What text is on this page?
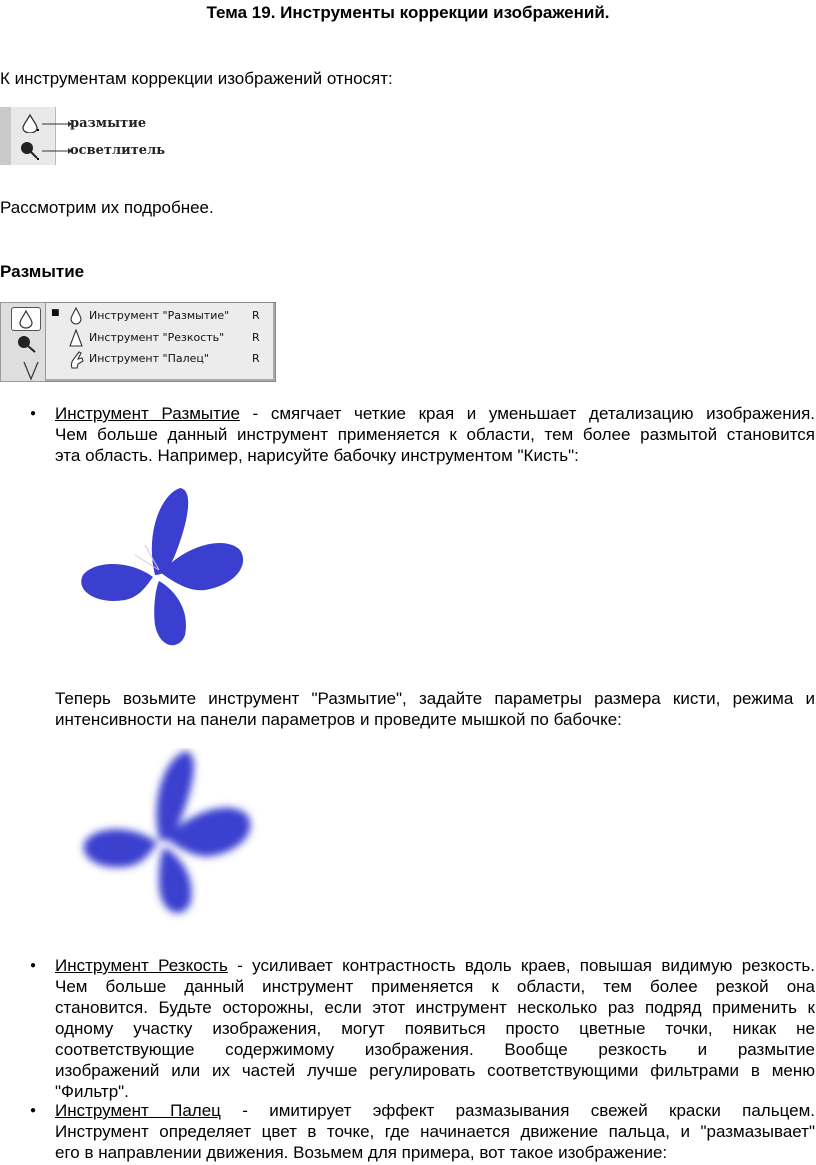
Тема 19. Инструменты коррекции изображений.
К инструментам коррекции изображений относят:
размытие
осветлитель
Рассмотрим их подробнее.
Размытие
■	Инструмент "Размытие" R
Инструмент "Резкость"	R
Инструмент "Палец"	R
● Инструмент Размытие - смягчает четкие края и уменьшает детализацию изображения.
Чем больше данный инструмент применяется к области, тем более размытой становится
эта область. Например, нарисуйте бабочку инструментом "Кисть":
Теперь возьмите инструмент "Размытие", задайте параметры размера кисти, режима и
интенсивности на панели параметров и проведите мышкой по бабочке:
● Инструмент Резкость - усиливает контрастность вдоль краев, повышая видимую резкость.
Чем больше данный инструмент применяется к области, тем более резкой она
становится. Будьте осторожны, если этот инструмент несколько раз подряд применить к
одному участку изображения, могут появиться просто цветные точки, никак не
соответствующие содержимому изображения. Вообще резкость и размытие
изображений или их частей лучше регулировать соответствующими фильтрами в меню
"Фильтр".
● Инструмент Палец - имитирует эффект размазывания свежей краски пальцем.
Инструмент определяет цвет в точке, где начинается движение пальца, и "размазывает"
его в направлении движения. Возьмем для примера, вот такое изображение:
